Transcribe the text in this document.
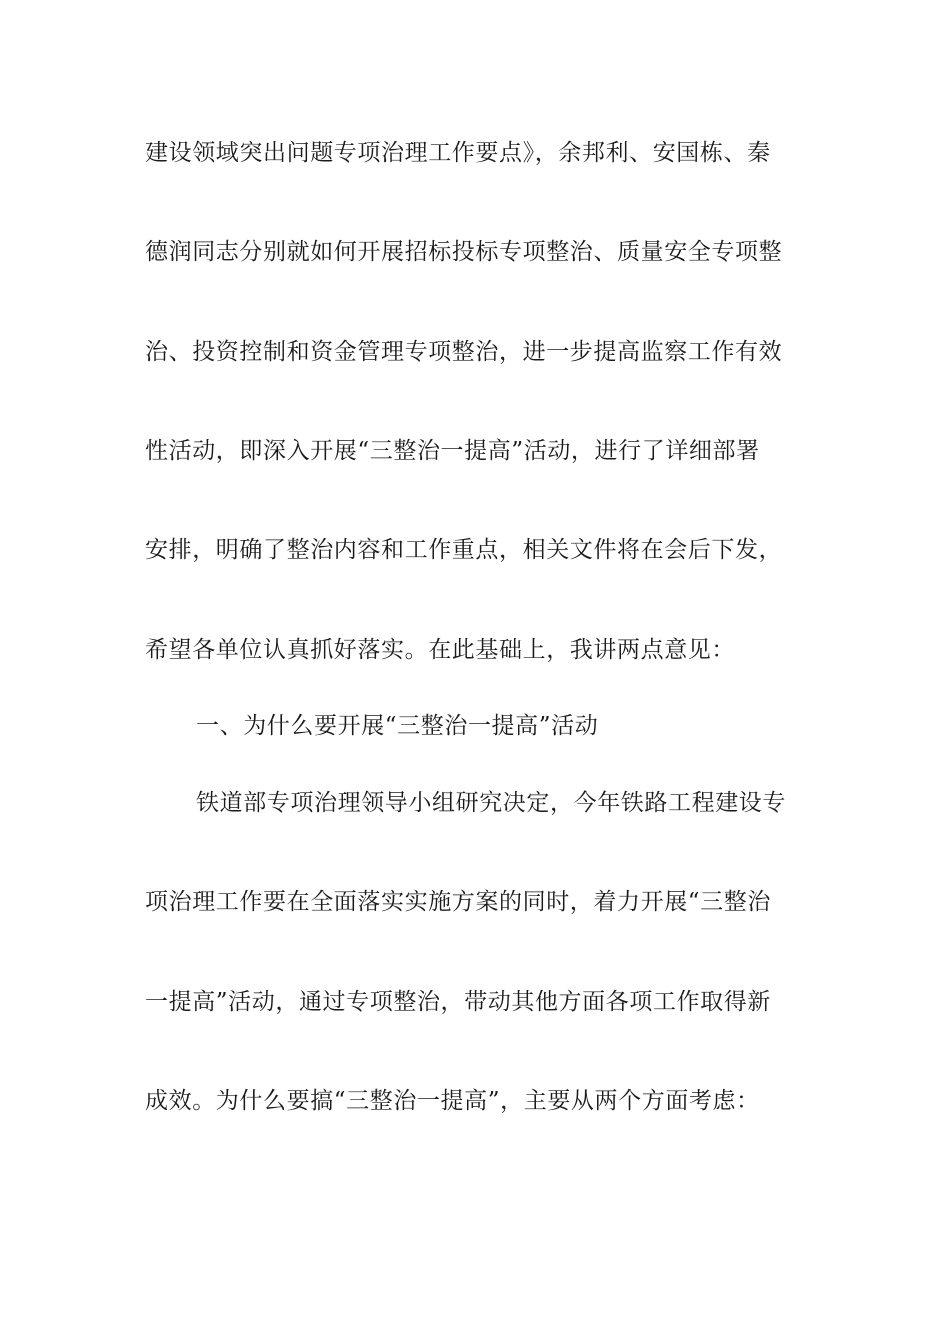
建设领域突出问题专项治理工作要点》，余邦利、安国栋、秦
德润同志分别就如何开展招标投标专项整治、质量安全专项整
治、投资控制和资金管理专项整治，进一步提高监察工作有效
性活动，即深入开展“三整治一提高”活动，进行了详细部署
安排，明确了整治内容和工作重点，相关文件将在会后下发，
希望各单位认真抓好落实。在此基础上，我讲两点意见：
一、为什么要开展“三整治一提高”活动
铁道部专项治理领导小组研究决定，今年铁路工程建设专
项治理工作要在全面落实实施方案的同时，着力开展“三整治
一提高”活动，通过专项整治，带动其他方面各项工作取得新
成效。为什么要搞“三整治一提高”，主要从两个方面考虑：
